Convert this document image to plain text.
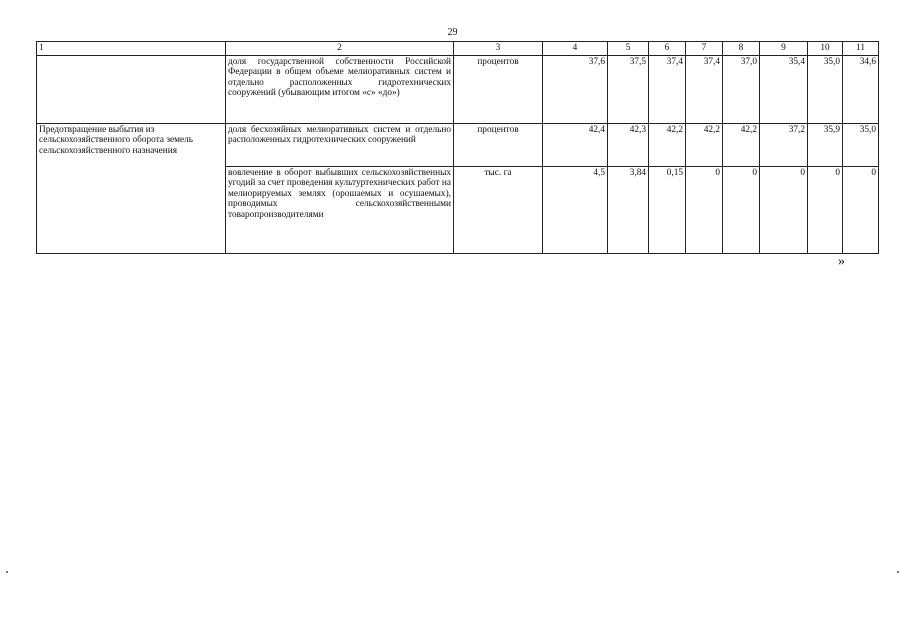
29
1	2	3	4	5	6	7	8	9	10	11
	доля государственной собственности Российской Федерации в общем объеме мелиоративных систем и отдельно расположенных гидротехнических сооружений (убывающим итогом «с» «до»)	процентов	37,6	37,5	37,4	37,4	37,0	35,4	35,0	34,6
Предотвращение выбытия из сельскохозяйственного оборота земель сельскохозяйственного назначения	доля бесхозяйных мелиоративных систем и отдельно расположенных гидротехнических сооружений	процентов	42,4	42,3	42,2	42,2	42,2	37,2	35,9	35,0
	вовлечение в оборот выбывших сельскохозяйственных угодий за счет проведения культуртехнических работ на мелиорируемых землях (орошаемых и осушаемых), проводимых сельскохозяйственными товаропроизводителями	тыс. га	4,5	3,84	0,15	0	0	0	0	0
»
